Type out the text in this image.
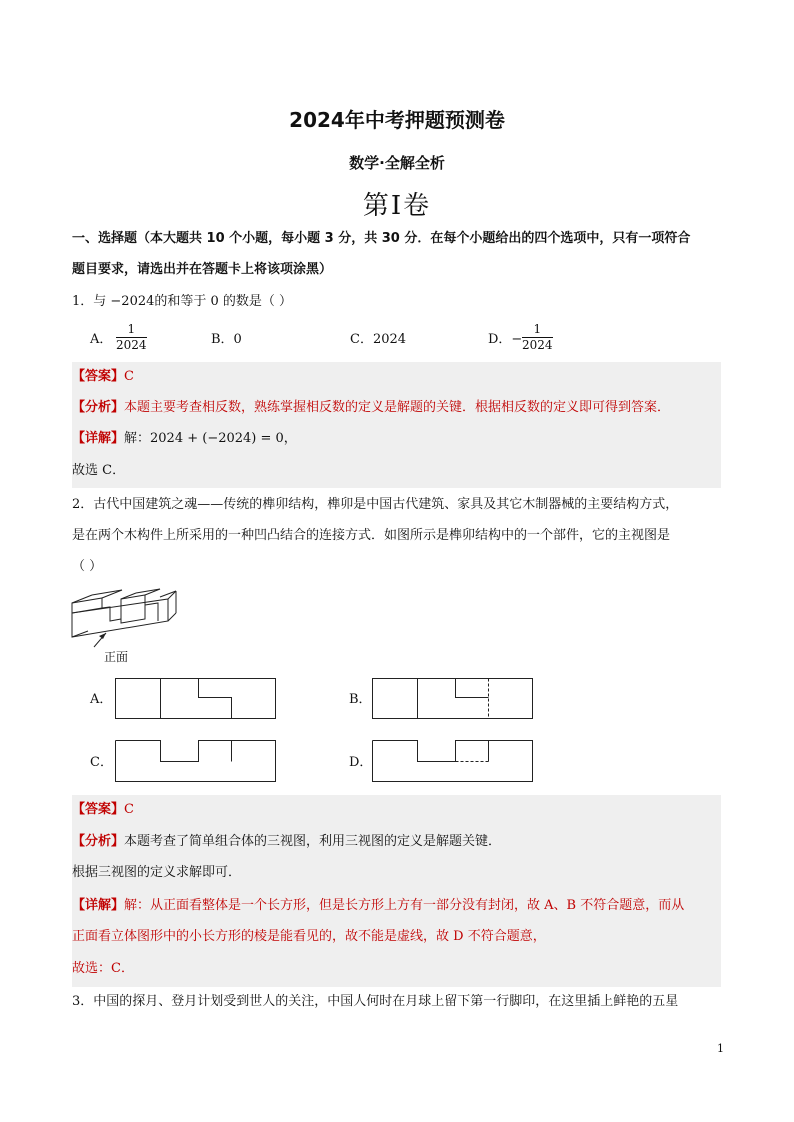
2024年中考押题预测卷
数学·全解全析
第Ⅰ卷
一、选择题（本大题共 10 个小题，每小题 3 分，共 30 分．在每个小题给出的四个选项中，只有一项符合
题目要求，请选出并在答题卡上将该项涂黑）
1．与 −2024的和等于 0 的数是（ ）
A． $\frac{1}{2024}$	B．0	C．2024	D．− $\frac{1}{2024}$
【答案】C
【分析】本题主要考查相反数，熟练掌握相反数的定义是解题的关键．根据相反数的定义即可得到答案．
【详解】解：2024 + (−2024) = 0，
故选 C．
2．古代中国建筑之魂——传统的榫卯结构，榫卯是中国古代建筑、家具及其它木制器械的主要结构方式，
是在两个木构件上所采用的一种凹凸结合的连接方式．如图所示是榫卯结构中的一个部件，它的主视图是
（ ）
正面
A．	B．
C．	D．
【答案】C
【分析】本题考查了简单组合体的三视图，利用三视图的定义是解题关键．
根据三视图的定义求解即可．
【详解】解：从正面看整体是一个长方形，但是长方形上方有一部分没有封闭，故 A、B 不符合题意，而从
正面看立体图形中的小长方形的棱是能看见的，故不能是虚线，故 D 不符合题意，
故选：C．
3．中国的探月、登月计划受到世人的关注，中国人何时在月球上留下第一行脚印，在这里插上鲜艳的五星
1
